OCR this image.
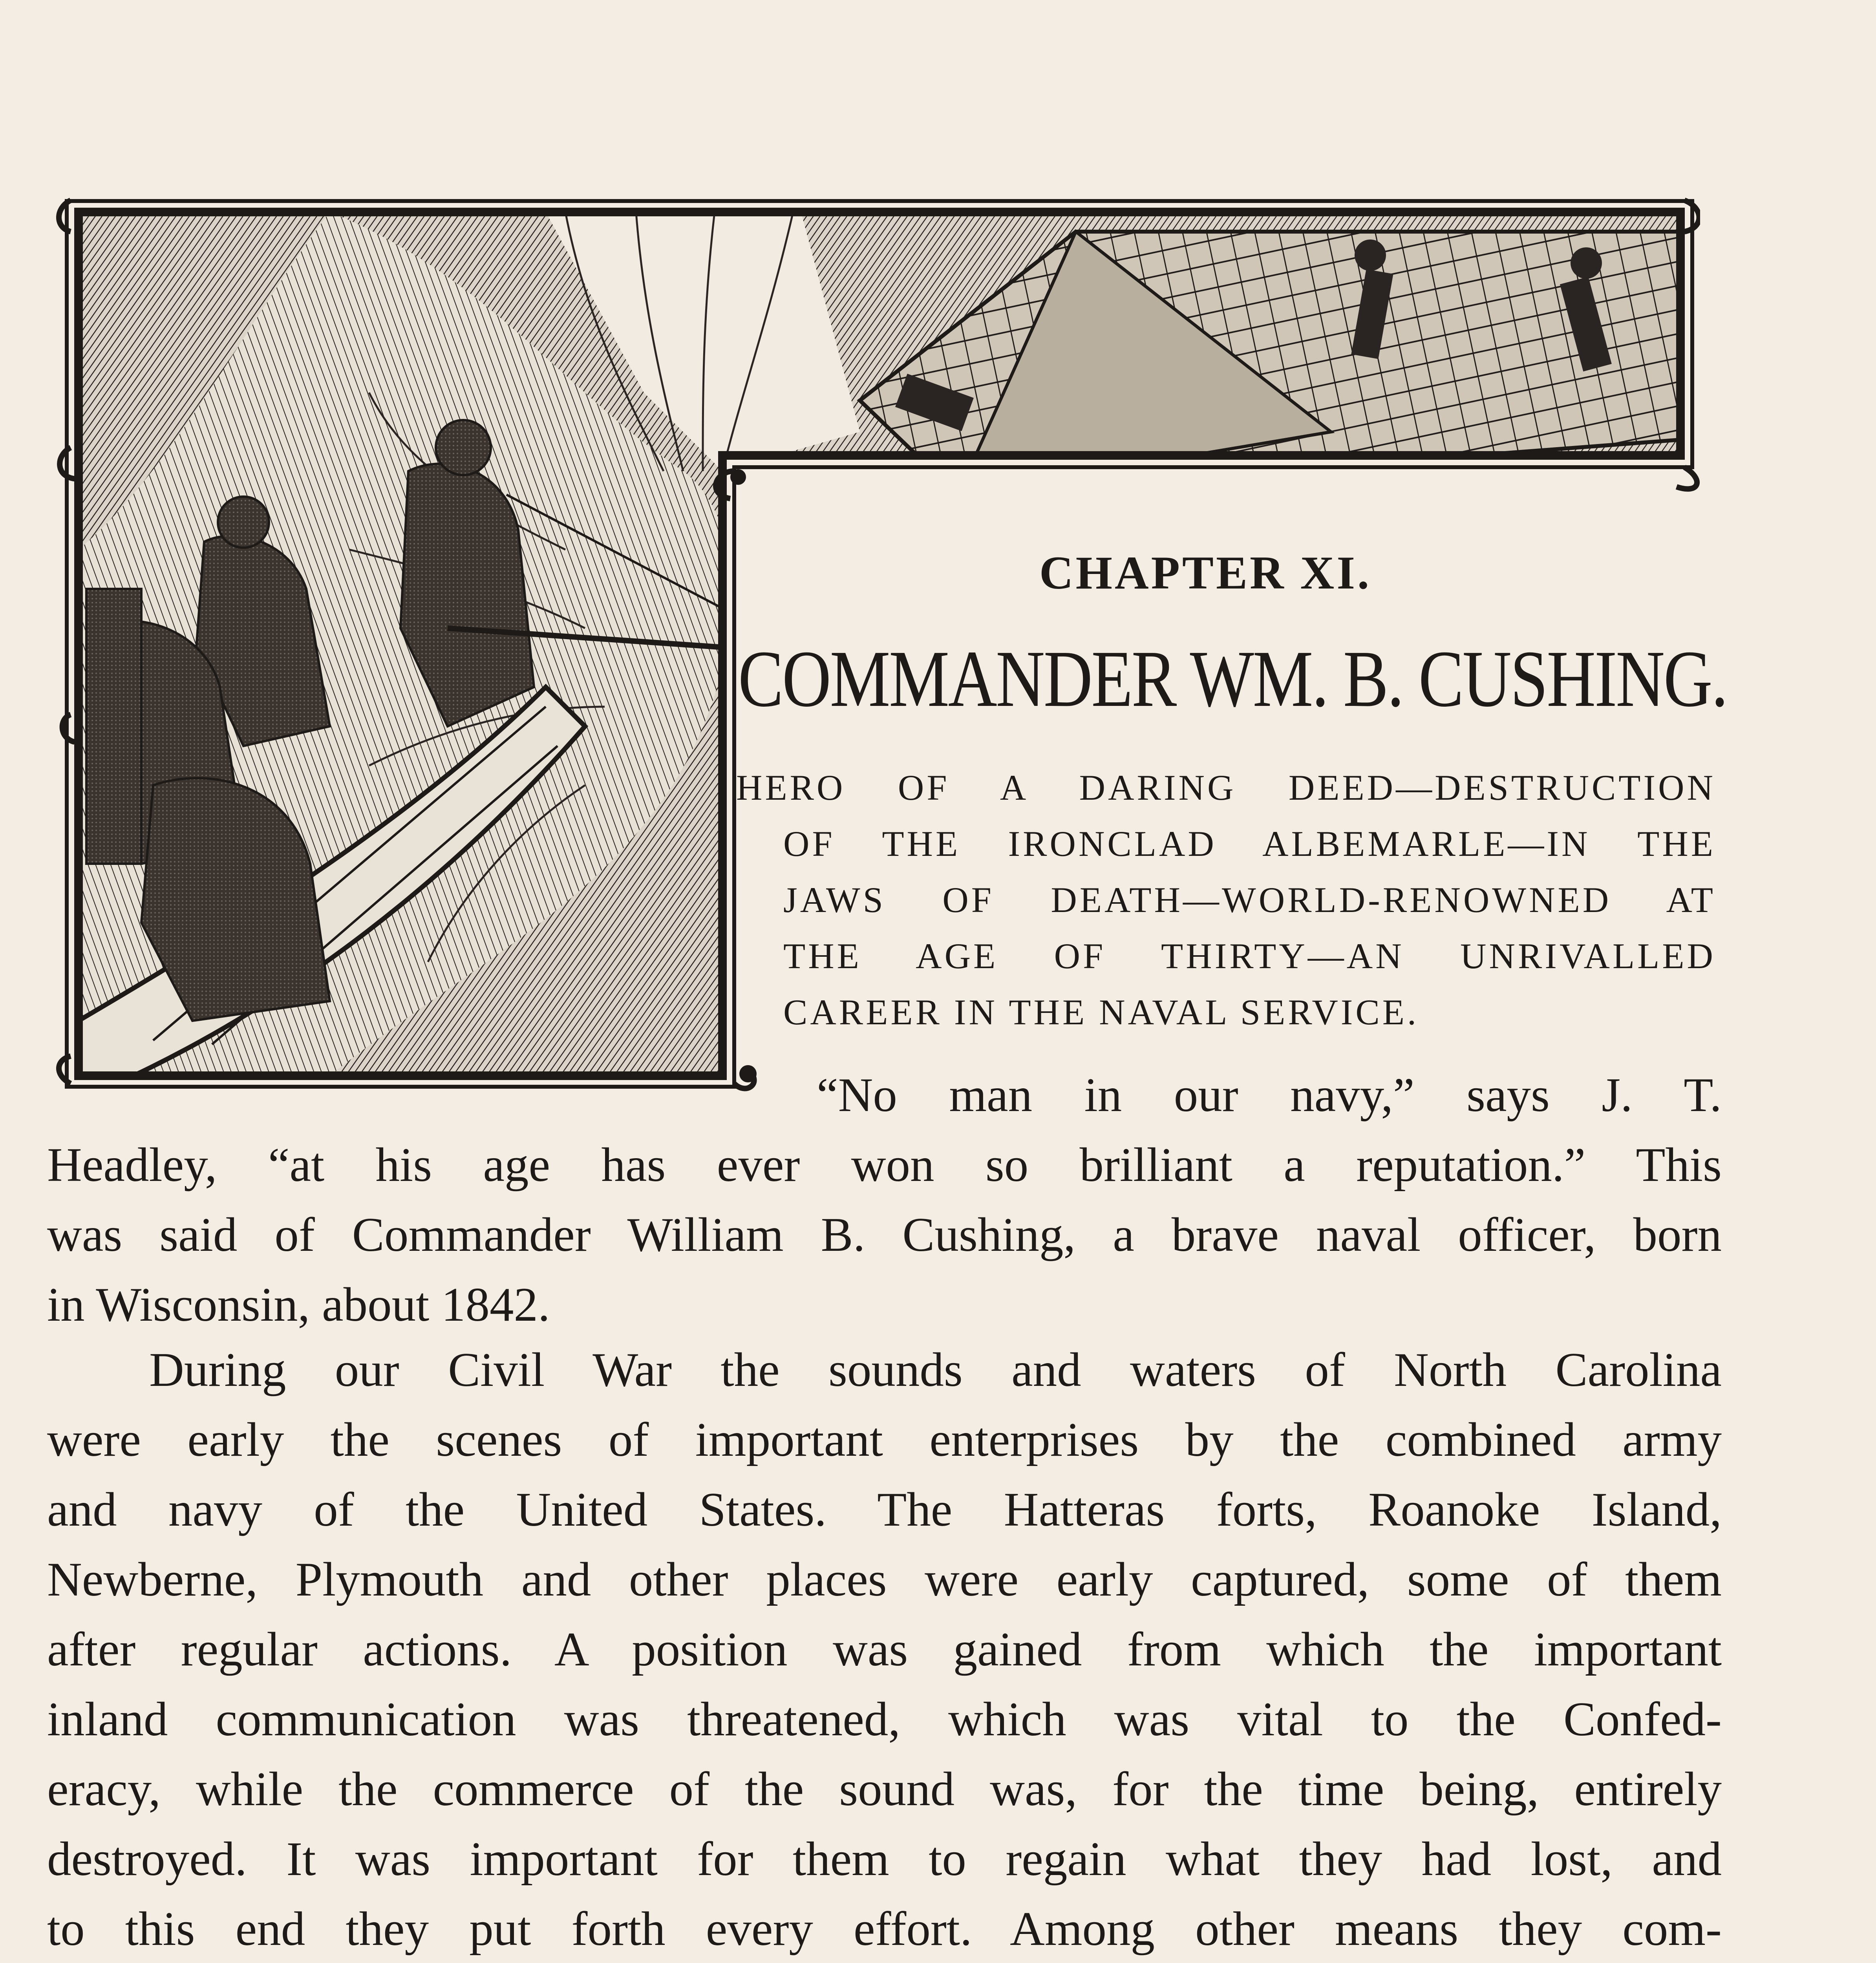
CHAPTER XI.
COMMANDER WM. B. CUSHING.
HERO OF A DARING DEED—DESTRUCTION
OF THE IRONCLAD ALBEMARLE—IN THE
JAWS OF DEATH—WORLD-RENOWNED AT
THE AGE OF THIRTY—AN UNRIVALLED
CAREER IN THE NAVAL SERVICE.
“No man in our navy,” says J. T.
Headley, “at his age has ever won so brilliant a reputation.” This
was said of Commander William B. Cushing, a brave naval officer, born
in Wisconsin, about 1842.
During our Civil War the sounds and waters of North Carolina
were early the scenes of important enterprises by the combined army
and navy of the United States. The Hatteras forts, Roanoke Island,
Newberne, Plymouth and other places were early captured, some of them
after regular actions. A position was gained from which the important
inland communication was threatened, which was vital to the Confed-
eracy, while the commerce of the sound was, for the time being, entirely
destroyed. It was important for them to regain what they had lost, and
to this end they put forth every effort. Among other means they com-
